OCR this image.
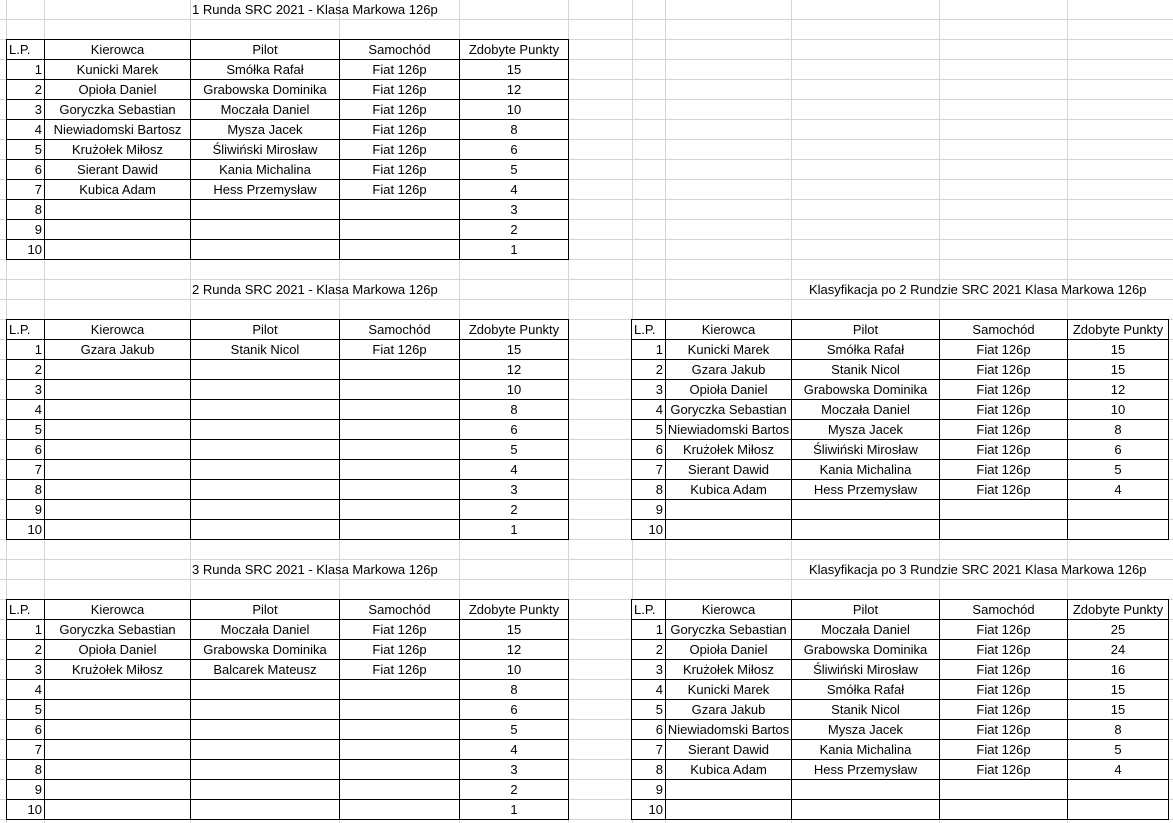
1 Runda SRC 2021 - Klasa Markowa 126p
2 Runda SRC 2021 - Klasa Markowa 126p
3 Runda SRC 2021 - Klasa Markowa 126p
Klasyfikacja po 2 Rundzie SRC 2021 Klasa Markowa 126p
Klasyfikacja po 3 Rundzie SRC 2021 Klasa Markowa 126p
L.P.	Kierowca	Pilot	Samochód	Zdobyte Punkty
1	Kunicki Marek	Smółka Rafał	Fiat 126p	15
2	Opioła Daniel	Grabowska Dominika	Fiat 126p	12
3	Goryczka Sebastian	Moczała Daniel	Fiat 126p	10
4	Niewiadomski Bartosz	Mysza Jacek	Fiat 126p	8
5	Krużołek Miłosz	Śliwiński Mirosław	Fiat 126p	6
6	Sierant Dawid	Kania Michalina	Fiat 126p	5
7	Kubica Adam	Hess Przemysław	Fiat 126p	4
8				3
9				2
10				1
L.P.	Kierowca	Pilot	Samochód	Zdobyte Punkty
1	Gzara Jakub	Stanik Nicol	Fiat 126p	15
2				12
3				10
4				8
5				6
6				5
7				4
8				3
9				2
10				1
L.P.	Kierowca	Pilot	Samochód	Zdobyte Punkty
1	Goryczka Sebastian	Moczała Daniel	Fiat 126p	15
2	Opioła Daniel	Grabowska Dominika	Fiat 126p	12
3	Krużołek Miłosz	Balcarek Mateusz	Fiat 126p	10
4				8
5				6
6				5
7				4
8				3
9				2
10				1
L.P.	Kierowca	Pilot	Samochód	Zdobyte Punkty
1	Kunicki Marek	Smółka Rafał	Fiat 126p	15
2	Gzara Jakub	Stanik Nicol	Fiat 126p	15
3	Opioła Daniel	Grabowska Dominika	Fiat 126p	12
4	Goryczka Sebastian	Moczała Daniel	Fiat 126p	10
5	Niewiadomski Bartos	Mysza Jacek	Fiat 126p	8
6	Krużołek Miłosz	Śliwiński Mirosław	Fiat 126p	6
7	Sierant Dawid	Kania Michalina	Fiat 126p	5
8	Kubica Adam	Hess Przemysław	Fiat 126p	4
9				
10				
L.P.	Kierowca	Pilot	Samochód	Zdobyte Punkty
1	Goryczka Sebastian	Moczała Daniel	Fiat 126p	25
2	Opioła Daniel	Grabowska Dominika	Fiat 126p	24
3	Krużołek Miłosz	Śliwiński Mirosław	Fiat 126p	16
4	Kunicki Marek	Smółka Rafał	Fiat 126p	15
5	Gzara Jakub	Stanik Nicol	Fiat 126p	15
6	Niewiadomski Bartos	Mysza Jacek	Fiat 126p	8
7	Sierant Dawid	Kania Michalina	Fiat 126p	5
8	Kubica Adam	Hess Przemysław	Fiat 126p	4
9				
10				
